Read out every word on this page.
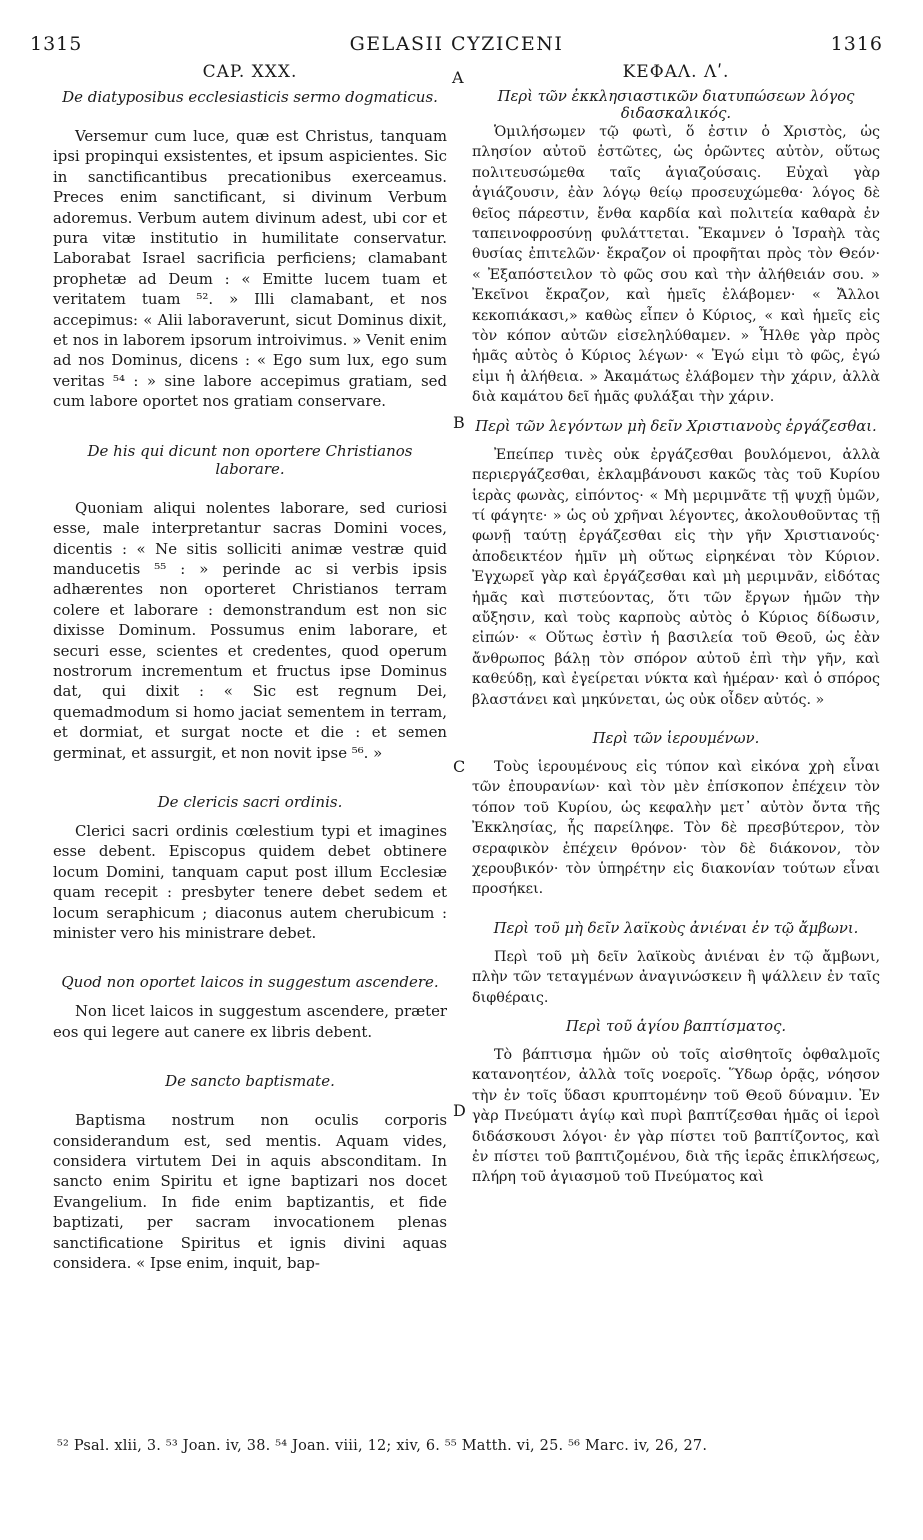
1315	GELASII CYZICENI	1316
CAP. XXX.

De diatyposibus ecclesiasticis sermo dogmaticus.

Versemur cum luce, quæ est Christus, tanquam ipsi propinqui exsistentes, et ipsum aspicientes. Sic in sanctificantibus precationibus exerceamus. Preces enim sanctificant, si divinum Verbum adoremus. Verbum autem divinum adest, ubi cor et pura vitæ institutio in humilitate conservatur. Laborabat Israel sacrificia perficiens; clamabant prophetæ ad Deum : « Emitte lucem tuam et veritatem tuam ⁵². » Illi clamabant, et nos accepimus: « Alii laboraverunt, sicut Dominus dixit, et nos in laborem ipsorum introivimus. » Venit enim ad nos Dominus, dicens : « Ego sum lux, ego sum veritas ⁵⁴ : » sine labore accepimus gratiam, sed cum labore oportet nos gratiam conservare.

De his qui dicunt non oportere Christianos laborare.

Quoniam aliqui nolentes laborare, sed curiosi esse, male interpretantur sacras Domini voces, dicentis : « Ne sitis solliciti animæ vestræ quid manducetis ⁵⁵ : » perinde ac si verbis ipsis adhærentes non oporteret Christianos terram colere et laborare : demonstrandum est non sic dixisse Dominum. Possumus enim laborare, et securi esse, scientes et credentes, quod operum nostrorum incrementum et fructus ipse Dominus dat, qui dixit : « Sic est regnum Dei, quemadmodum si homo jaciat sementem in terram, et dormiat, et surgat nocte et die : et semen germinat, et assurgit, et non novit ipse ⁵⁶. »

De clericis sacri ordinis.

Clerici sacri ordinis cœlestium typi et imagines esse debent. Episcopus quidem debet obtinere locum Domini, tanquam caput post illum Ecclesiæ quam recepit : presbyter tenere debet sedem et locum seraphicum ; diaconus autem cherubicum : minister vero his ministrare debet.

Quod non oportet laicos in suggestum ascendere.

Non licet laicos in suggestum ascendere, præter eos qui legere aut canere ex libris debent.

De sancto baptismate.

Baptisma nostrum non oculis corporis considerandum est, sed mentis. Aquam vides, considera virtutem Dei in aquis absconditam. In sancto enim Spiritu et igne baptizari nos docet Evangelium. In fide enim baptizantis, et fide baptizati, per sacram invocationem plenas sanctificatione Spiritus et ignis divini aquas considera. « Ipse enim, inquit, bap-

A
B
C
D
ΚΕΦΑΛ. Λʹ.

Περὶ τῶν ἐκκλησιαστικῶν διατυπώσεων λόγος διδασκαλικός.

Ὁμιλήσωμεν τῷ φωτὶ, ὅ ἐστιν ὁ Χριστὸς, ὡς πλησίον αὐτοῦ ἑστῶτες, ὡς ὁρῶντες αὐτὸν, οὕτως πολιτευσώμεθα ταῖς ἁγιαζούσαις. Εὐχαὶ γὰρ ἁγιάζουσιν, ἐὰν λόγῳ θείῳ προσευχώμεθα· λόγος δὲ θεῖος πάρεστιν, ἔνθα καρδία καὶ πολιτεία καθαρὰ ἐν ταπεινοφροσύνῃ φυλάττεται. Ἔκαμνεν ὁ Ἰσραὴλ τὰς θυσίας ἐπιτελῶν· ἔκραζον οἱ προφῆται πρὸς τὸν Θεόν· « Ἐξαπόστειλον τὸ φῶς σου καὶ τὴν ἀλήθειάν σου. » Ἐκεῖνοι ἔκραζον, καὶ ἡμεῖς ἐλάβομεν· « Ἄλλοι κεκοπιάκασι,» καθὼς εἶπεν ὁ Κύριος, « καὶ ἡμεῖς εἰς τὸν κόπον αὐτῶν εἰσεληλύθαμεν. » Ἦλθε γὰρ πρὸς ἡμᾶς αὐτὸς ὁ Κύριος λέγων· « Ἐγώ εἰμι τὸ φῶς, ἐγώ εἰμι ἡ ἀλήθεια. » Ἀκαμάτως ἐλάβομεν τὴν χάριν, ἀλλὰ διὰ καμάτου δεῖ ἡμᾶς φυλάξαι τὴν χάριν.

Περὶ τῶν λεγόντων μὴ δεῖν Χριστιανοὺς ἐργάζεσθαι.

Ἐπείπερ τινὲς οὐκ ἐργάζεσθαι βουλόμενοι, ἀλλὰ περιεργάζεσθαι, ἐκλαμβάνουσι κακῶς τὰς τοῦ Κυρίου ἱερὰς φωνὰς, εἰπόντος· « Μὴ μεριμνᾶτε τῇ ψυχῇ ὑμῶν, τί φάγητε· » ὡς οὐ χρῆναι λέγοντες, ἀκολουθοῦντας τῇ φωνῇ ταύτῃ ἐργάζεσθαι εἰς τὴν γῆν Χριστιανούς· ἀποδεικτέον ἡμῖν μὴ οὕτως εἰρηκέναι τὸν Κύριον. Ἐγχωρεῖ γὰρ καὶ ἐργάζεσθαι καὶ μὴ μεριμνᾶν, εἰδότας ἡμᾶς καὶ πιστεύοντας, ὅτι τῶν ἔργων ἡμῶν τὴν αὔξησιν, καὶ τοὺς καρποὺς αὐτὸς ὁ Κύριος δίδωσιν, εἰπών· « Οὕτως ἐστὶν ἡ βασιλεία τοῦ Θεοῦ, ὡς ἐὰν ἄνθρωπος βάλῃ τὸν σπόρον αὐτοῦ ἐπὶ τὴν γῆν, καὶ καθεύδῃ, καὶ ἐγείρεται νύκτα καὶ ἡμέραν· καὶ ὁ σπόρος βλαστάνει καὶ μηκύνεται, ὡς οὐκ οἶδεν αὐτός. »

Περὶ τῶν ἱερουμένων.

Τοὺς ἱερουμένους εἰς τύπον καὶ εἰκόνα χρὴ εἶναι τῶν ἐπουρανίων· καὶ τὸν μὲν ἐπίσκοπον ἐπέχειν τὸν τόπον τοῦ Κυρίου, ὡς κεφαλὴν μετ᾽ αὐτὸν ὄντα τῆς Ἐκκλησίας, ἧς παρείληφε. Τὸν δὲ πρεσβύτερον, τὸν σεραφικὸν ἐπέχειν θρόνον· τὸν δὲ διάκονον, τὸν χερουβικόν· τὸν ὑπηρέτην εἰς διακονίαν τούτων εἶναι προσήκει.

Περὶ τοῦ μὴ δεῖν λαϊκοὺς ἀνιέναι ἐν τῷ ἄμβωνι.

Περὶ τοῦ μὴ δεῖν λαϊκοὺς ἀνιέναι ἐν τῷ ἄμβωνι, πλὴν τῶν τεταγμένων ἀναγινώσκειν ἢ ψάλλειν ἐν ταῖς διφθέραις.

Περὶ τοῦ ἁγίου βαπτίσματος.

Τὸ βάπτισμα ἡμῶν οὐ τοῖς αἰσθητοῖς ὀφθαλμοῖς κατανοητέον, ἀλλὰ τοῖς νοεροῖς. Ὕδωρ ὁρᾷς, νόησον τὴν ἐν τοῖς ὕδασι κρυπτομένην τοῦ Θεοῦ δύναμιν. Ἐν γὰρ Πνεύματι ἁγίῳ καὶ πυρὶ βαπτίζεσθαι ἡμᾶς οἱ ἱεροὶ διδάσκουσι λόγοι· ἐν γὰρ πίστει τοῦ βαπτίζοντος, καὶ ἐν πίστει τοῦ βαπτιζομένου, διὰ τῆς ἱερᾶς ἐπικλήσεως, πλήρη τοῦ ἁγιασμοῦ τοῦ Πνεύματος καὶ

⁵² Psal. xlii, 3. ⁵³ Joan. iv, 38. ⁵⁴ Joan. viii, 12; xiv, 6. ⁵⁵ Matth. vi, 25. ⁵⁶ Marc. iv, 26, 27.
